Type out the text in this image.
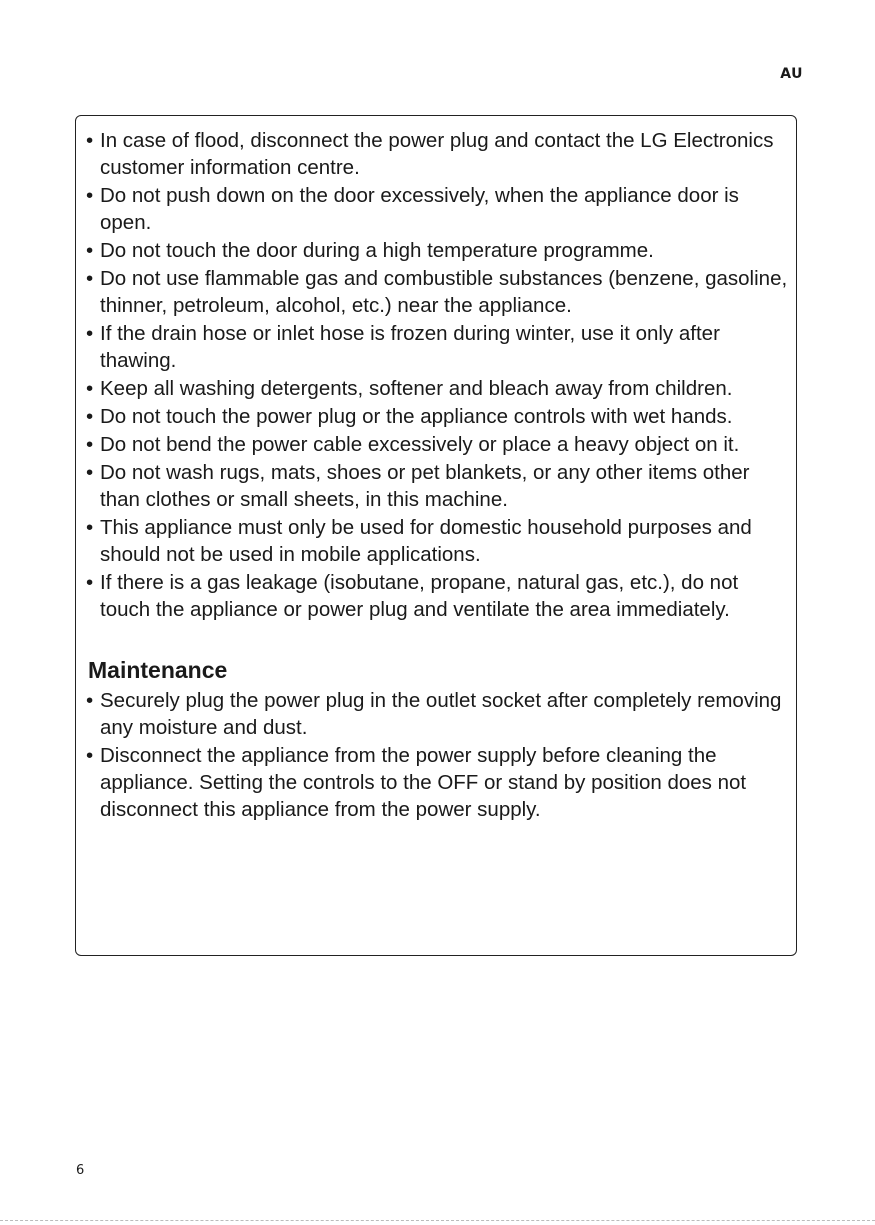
AU
• In case of flood, disconnect the power plug and contact the LG Electronics customer information centre.
• Do not push down on the door excessively, when the appliance door is open.
• Do not touch the door during a high temperature programme.
• Do not use flammable gas and combustible substances (benzene, gasoline, thinner, petroleum, alcohol, etc.) near the appliance.
• If the drain hose or inlet hose is frozen during winter, use it only after thawing.
• Keep all washing detergents, softener and bleach away from children.
• Do not touch the power plug or the appliance controls with wet hands.
• Do not bend the power cable excessively or place a heavy object on it.
• Do not wash rugs, mats, shoes or pet blankets, or any other items other than clothes or small sheets, in this machine.
• This appliance must only be used for domestic household purposes and should not be used in mobile applications.
• If there is a gas leakage (isobutane, propane, natural gas, etc.), do not touch the appliance or power plug and ventilate the area immediately.
Maintenance
• Securely plug the power plug in the outlet socket after completely removing any moisture and dust.
• Disconnect the appliance from the power supply before cleaning the appliance. Setting the controls to the OFF or stand by position does not disconnect this appliance from the power supply.
6
